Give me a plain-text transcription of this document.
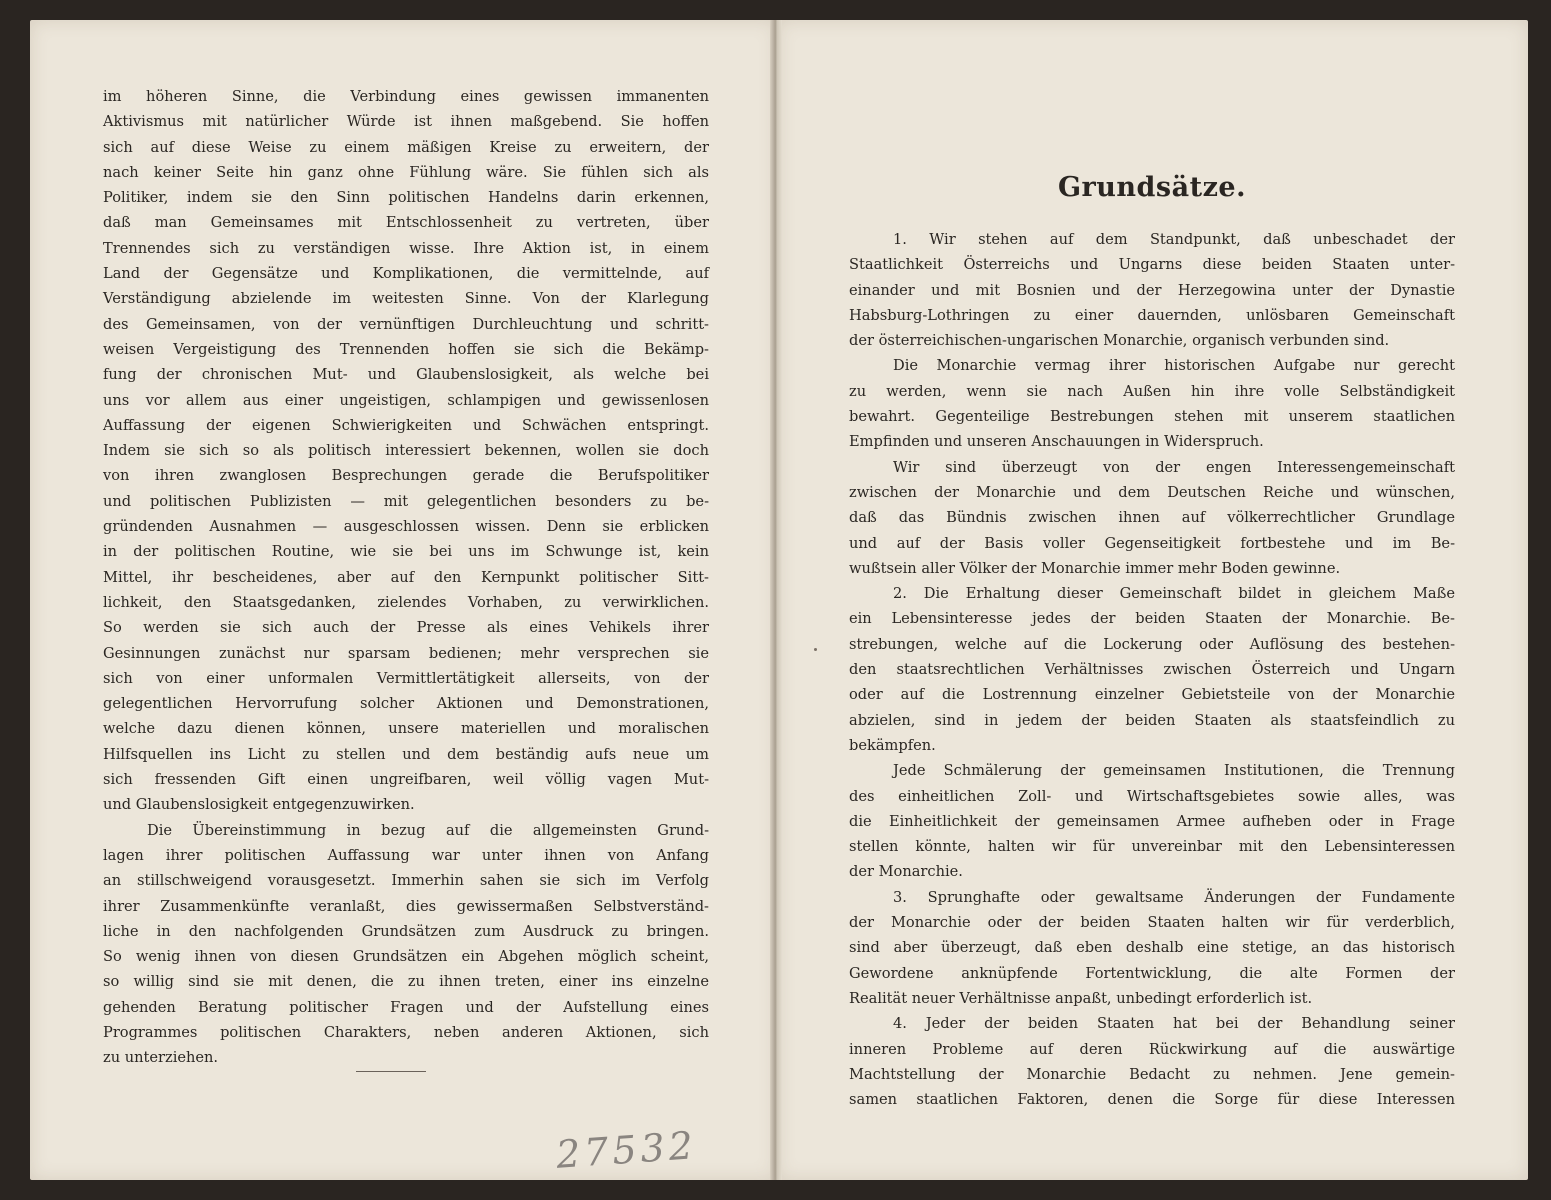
im höheren Sinne, die Verbindung eines gewissen immanenten

Aktivismus mit natürlicher Würde ist ihnen maßgebend. Sie hoffen

sich auf diese Weise zu einem mäßigen Kreise zu erweitern, der

nach keiner Seite hin ganz ohne Fühlung wäre. Sie fühlen sich als

Politiker, indem sie den Sinn politischen Handelns darin erkennen,

daß man Gemeinsames mit Entschlossenheit zu vertreten, über

Trennendes sich zu verständigen wisse. Ihre Aktion ist, in einem

Land der Gegensätze und Komplikationen, die vermittelnde, auf

Verständigung abzielende im weitesten Sinne. Von der Klarlegung

des Gemeinsamen, von der vernünftigen Durchleuchtung und schritt-

weisen Vergeistigung des Trennenden hoffen sie sich die Bekämp-

fung der chronischen Mut- und Glaubenslosigkeit, als welche bei

uns vor allem aus einer ungeistigen, schlampigen und gewissenlosen

Auffassung der eigenen Schwierigkeiten und Schwächen entspringt.

Indem sie sich so als politisch interessiert bekennen, wollen sie doch

von ihren zwanglosen Besprechungen gerade die Berufspolitiker

und politischen Publizisten — mit gelegentlichen besonders zu be-

gründenden Ausnahmen — ausgeschlossen wissen. Denn sie erblicken

in der politischen Routine, wie sie bei uns im Schwunge ist, kein

Mittel, ihr bescheidenes, aber auf den Kernpunkt politischer Sitt-

lichkeit, den Staatsgedanken, zielendes Vorhaben, zu verwirklichen.

So werden sie sich auch der Presse als eines Vehikels ihrer

Gesinnungen zunächst nur sparsam bedienen; mehr versprechen sie

sich von einer unformalen Vermittlertätigkeit allerseits, von der

gelegentlichen Hervorrufung solcher Aktionen und Demonstrationen,

welche dazu dienen können, unsere materiellen und moralischen

Hilfsquellen ins Licht zu stellen und dem beständig aufs neue um

sich fressenden Gift einen ungreifbaren, weil völlig vagen Mut-

und Glaubenslosigkeit entgegenzuwirken.

Die Übereinstimmung in bezug auf die allgemeinsten Grund-

lagen ihrer politischen Auffassung war unter ihnen von Anfang

an stillschweigend vorausgesetzt. Immerhin sahen sie sich im Verfolg

ihrer Zusammenkünfte veranlaßt, dies gewissermaßen Selbstverständ-

liche in den nachfolgenden Grundsätzen zum Ausdruck zu bringen.

So wenig ihnen von diesen Grundsätzen ein Abgehen möglich scheint,

so willig sind sie mit denen, die zu ihnen treten, einer ins einzelne

gehenden Beratung politischer Fragen und der Aufstellung eines

Programmes politischen Charakters, neben anderen Aktionen, sich

zu unterziehen.

27532
Grundsätze.

1. Wir stehen auf dem Standpunkt, daß unbeschadet der

Staatlichkeit Österreichs und Ungarns diese beiden Staaten unter-

einander und mit Bosnien und der Herzegowina unter der Dynastie

Habsburg-Lothringen zu einer dauernden, unlösbaren Gemeinschaft

der österreichischen-ungarischen Monarchie, organisch verbunden sind.

Die Monarchie vermag ihrer historischen Aufgabe nur gerecht

zu werden, wenn sie nach Außen hin ihre volle Selbständigkeit

bewahrt. Gegenteilige Bestrebungen stehen mit unserem staatlichen

Empfinden und unseren Anschauungen in Widerspruch.

Wir sind überzeugt von der engen Interessengemeinschaft

zwischen der Monarchie und dem Deutschen Reiche und wünschen,

daß das Bündnis zwischen ihnen auf völkerrechtlicher Grundlage

und auf der Basis voller Gegenseitigkeit fortbestehe und im Be-

wußtsein aller Völker der Monarchie immer mehr Boden gewinne.

2. Die Erhaltung dieser Gemeinschaft bildet in gleichem Maße

ein Lebensinteresse jedes der beiden Staaten der Monarchie. Be-

strebungen, welche auf die Lockerung oder Auflösung des bestehen-

den staatsrechtlichen Verhältnisses zwischen Österreich und Ungarn

oder auf die Lostrennung einzelner Gebietsteile von der Monarchie

abzielen, sind in jedem der beiden Staaten als staatsfeindlich zu

bekämpfen.

Jede Schmälerung der gemeinsamen Institutionen, die Trennung

des einheitlichen Zoll- und Wirtschaftsgebietes sowie alles, was

die Einheitlichkeit der gemeinsamen Armee aufheben oder in Frage

stellen könnte, halten wir für unvereinbar mit den Lebensinteressen

der Monarchie.

3. Sprunghafte oder gewaltsame Änderungen der Fundamente

der Monarchie oder der beiden Staaten halten wir für verderblich,

sind aber überzeugt, daß eben deshalb eine stetige, an das historisch

Gewordene anknüpfende Fortentwicklung, die alte Formen der

Realität neuer Verhältnisse anpaßt, unbedingt erforderlich ist.

4. Jeder der beiden Staaten hat bei der Behandlung seiner

inneren Probleme auf deren Rückwirkung auf die auswärtige

Machtstellung der Monarchie Bedacht zu nehmen. Jene gemein-

samen staatlichen Faktoren, denen die Sorge für diese Interessen
